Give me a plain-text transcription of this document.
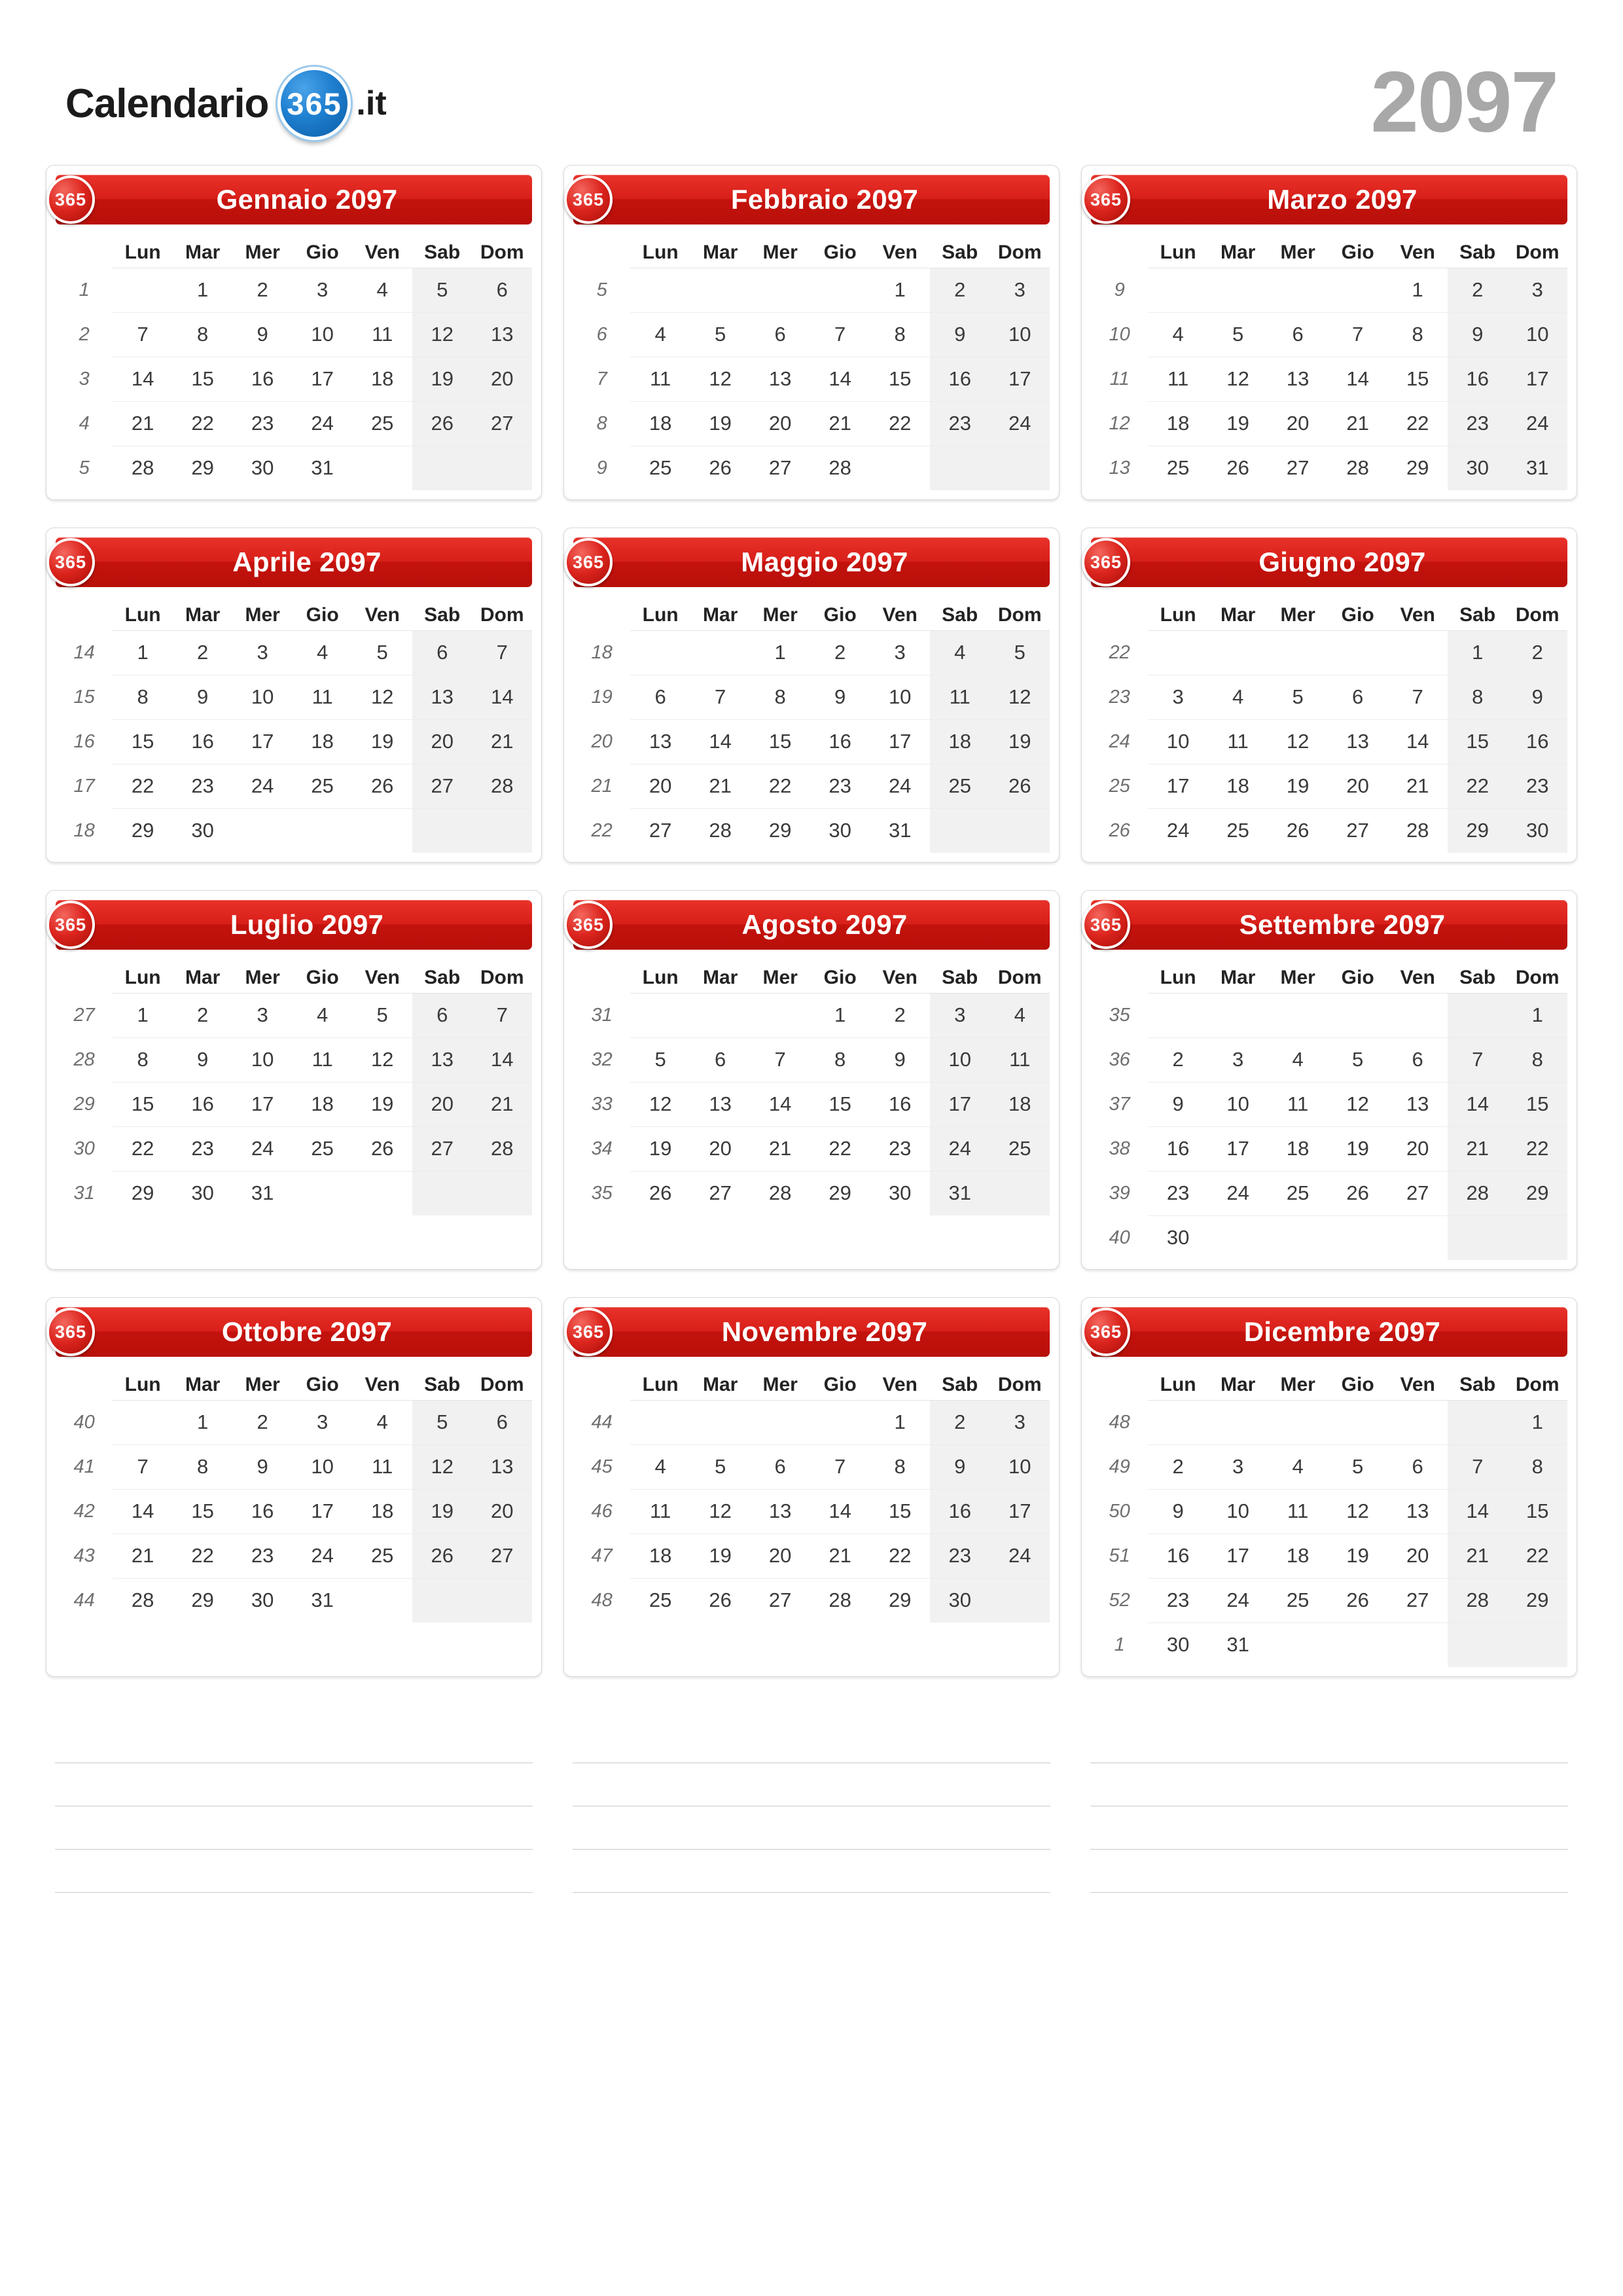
Calendario 365 .it	2097
365	Gennaio 2097
	Lun	Mar	Mer	Gio	Ven	Sab	Dom
1		1	2	3	4	5	6
2	7	8	9	10	11	12	13
3	14	15	16	17	18	19	20
4	21	22	23	24	25	26	27
5	28	29	30	31			
365	Febbraio 2097
	Lun	Mar	Mer	Gio	Ven	Sab	Dom
5					1	2	3
6	4	5	6	7	8	9	10
7	11	12	13	14	15	16	17
8	18	19	20	21	22	23	24
9	25	26	27	28			
365	Marzo 2097
	Lun	Mar	Mer	Gio	Ven	Sab	Dom
9					1	2	3
10	4	5	6	7	8	9	10
11	11	12	13	14	15	16	17
12	18	19	20	21	22	23	24
13	25	26	27	28	29	30	31
365	Aprile 2097
	Lun	Mar	Mer	Gio	Ven	Sab	Dom
14	1	2	3	4	5	6	7
15	8	9	10	11	12	13	14
16	15	16	17	18	19	20	21
17	22	23	24	25	26	27	28
18	29	30					
365	Maggio 2097
	Lun	Mar	Mer	Gio	Ven	Sab	Dom
18			1	2	3	4	5
19	6	7	8	9	10	11	12
20	13	14	15	16	17	18	19
21	20	21	22	23	24	25	26
22	27	28	29	30	31		
365	Giugno 2097
	Lun	Mar	Mer	Gio	Ven	Sab	Dom
22						1	2
23	3	4	5	6	7	8	9
24	10	11	12	13	14	15	16
25	17	18	19	20	21	22	23
26	24	25	26	27	28	29	30
365	Luglio 2097
	Lun	Mar	Mer	Gio	Ven	Sab	Dom
27	1	2	3	4	5	6	7
28	8	9	10	11	12	13	14
29	15	16	17	18	19	20	21
30	22	23	24	25	26	27	28
31	29	30	31				
365	Agosto 2097
	Lun	Mar	Mer	Gio	Ven	Sab	Dom
31				1	2	3	4
32	5	6	7	8	9	10	11
33	12	13	14	15	16	17	18
34	19	20	21	22	23	24	25
35	26	27	28	29	30	31	
365	Settembre 2097
	Lun	Mar	Mer	Gio	Ven	Sab	Dom
35							1
36	2	3	4	5	6	7	8
37	9	10	11	12	13	14	15
38	16	17	18	19	20	21	22
39	23	24	25	26	27	28	29
40	30						
365	Ottobre 2097
	Lun	Mar	Mer	Gio	Ven	Sab	Dom
40		1	2	3	4	5	6
41	7	8	9	10	11	12	13
42	14	15	16	17	18	19	20
43	21	22	23	24	25	26	27
44	28	29	30	31			
365	Novembre 2097
	Lun	Mar	Mer	Gio	Ven	Sab	Dom
44					1	2	3
45	4	5	6	7	8	9	10
46	11	12	13	14	15	16	17
47	18	19	20	21	22	23	24
48	25	26	27	28	29	30	
365	Dicembre 2097
	Lun	Mar	Mer	Gio	Ven	Sab	Dom
48							1
49	2	3	4	5	6	7	8
50	9	10	11	12	13	14	15
51	16	17	18	19	20	21	22
52	23	24	25	26	27	28	29
1	30	31					
